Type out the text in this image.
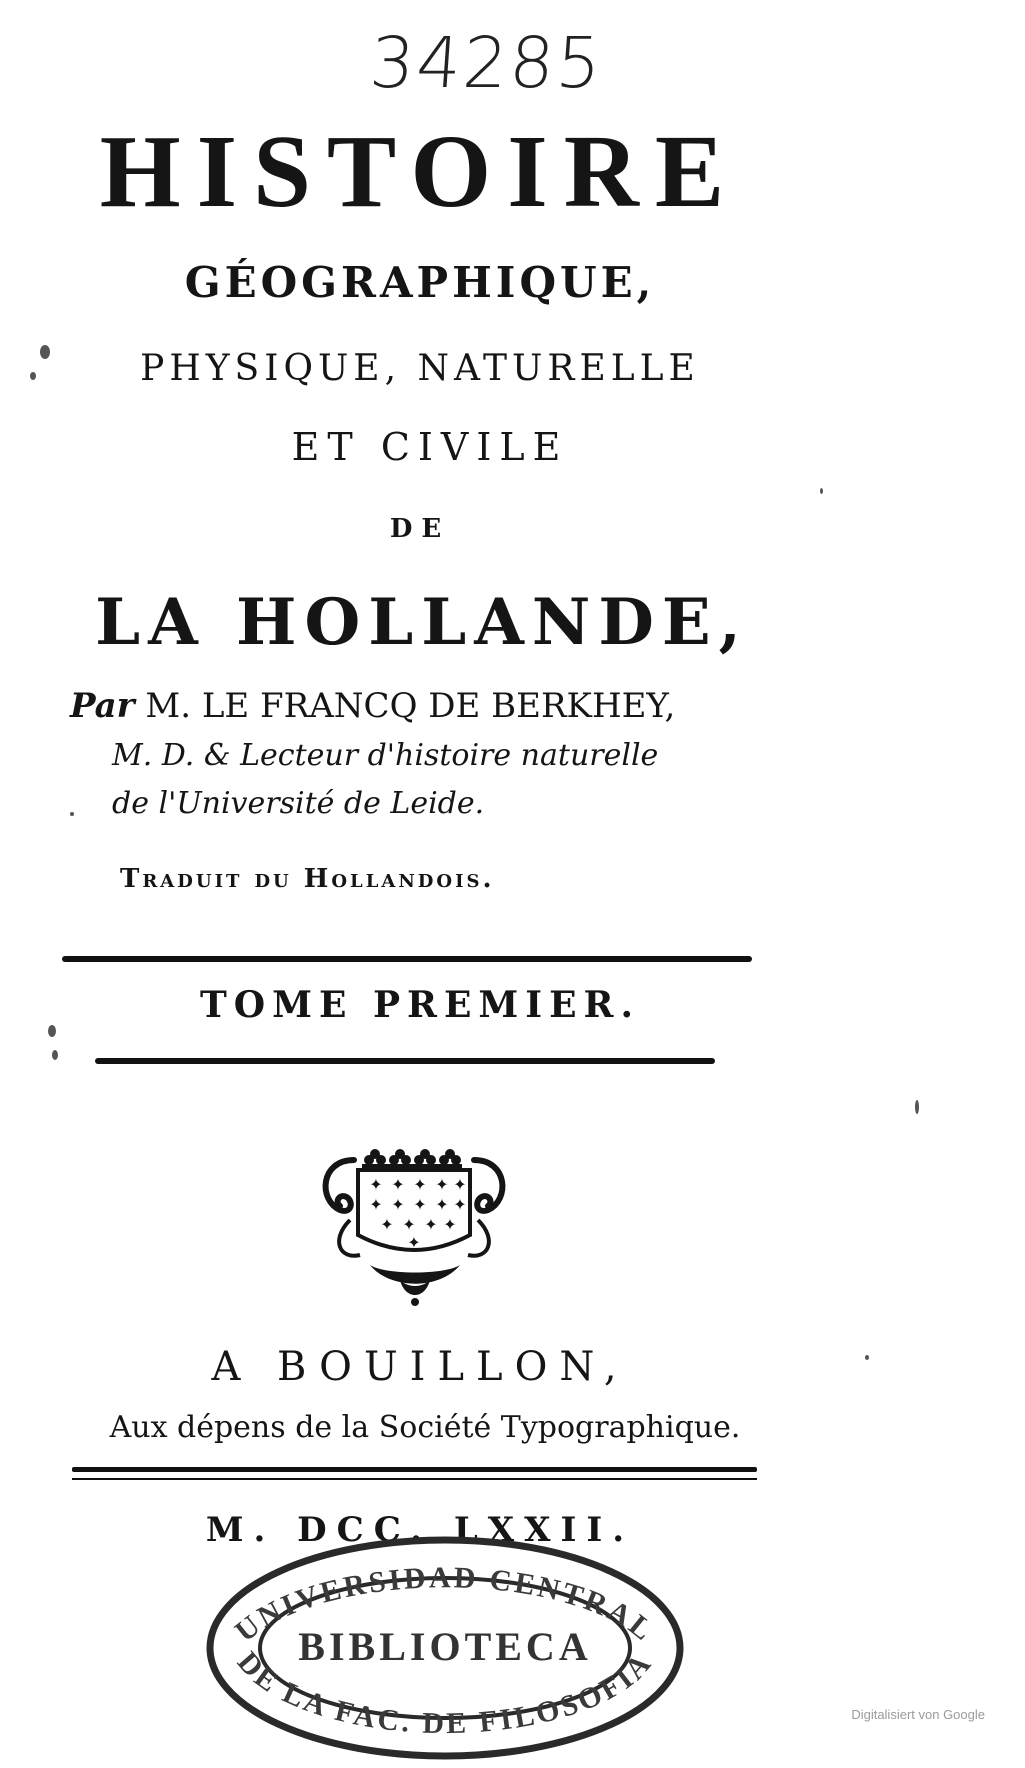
34285
HISTOIRE
GÉOGRAPHIQUE,
PHYSIQUE, NATURELLE
ET CIVILE
DE
LA HOLLANDE,
Par M. LE FRANCQ DE BERKHEY,
M. D. & Lecteur d'histoire naturelle
de l'Université de Leide.
Traduit du Hollandois.
TOME PREMIER.
✦ ✦ ✦ ✦ ✦
✦ ✦ ✦ ✦ ✦
✦ ✦ ✦ ✦
✦
A BOUILLON,
Aux dépens de la Société Typographique.
M. DCC. LXXII.
UNIVERSIDAD CENTRAL
BIBLIOTECA
DE LA FAC. DE FILOSOFIA
Digitalisiert von Google
